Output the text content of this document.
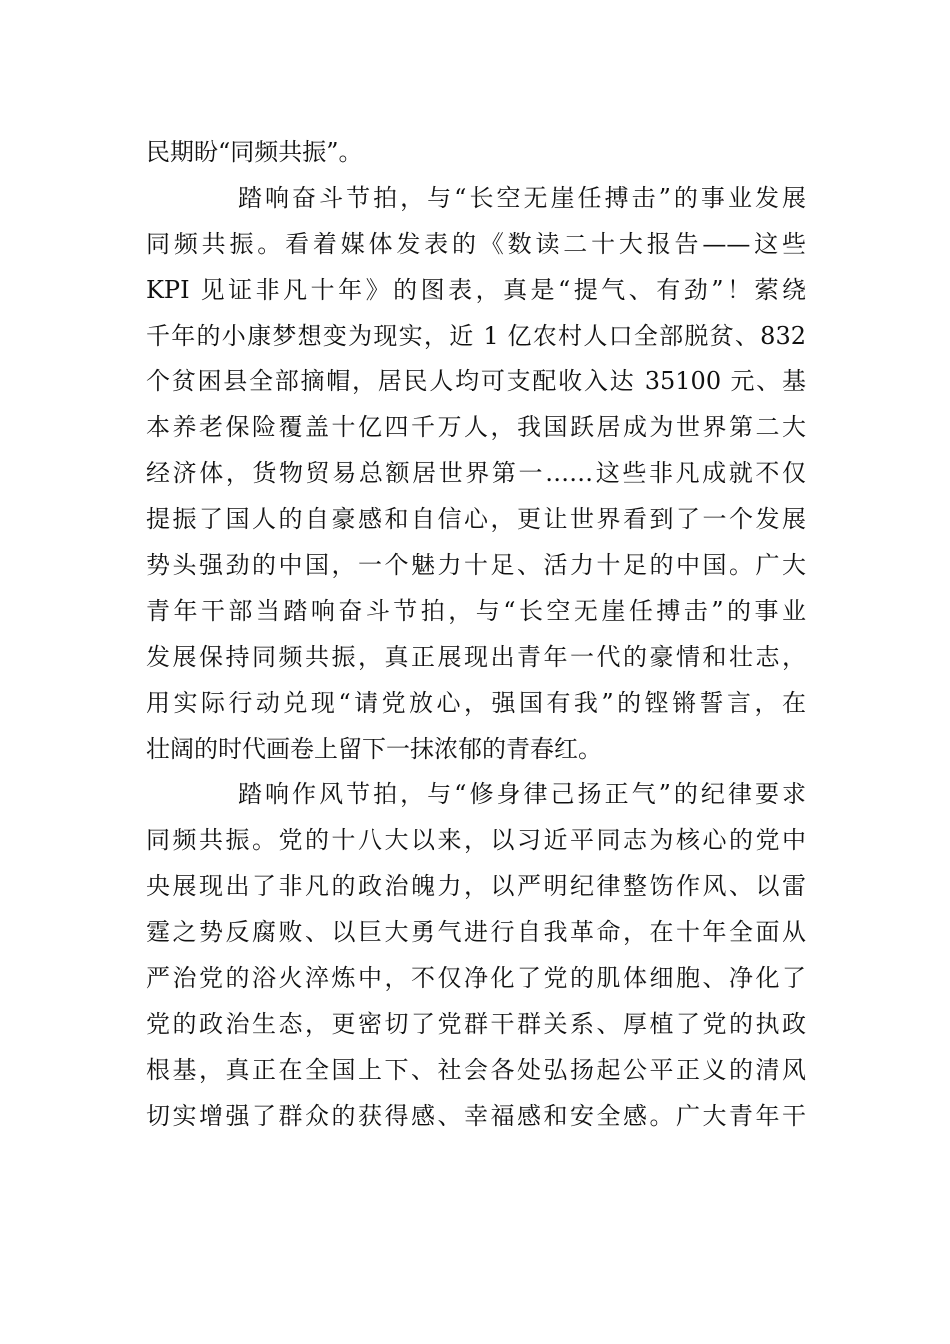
民期盼“同频共振”。
踏响奋斗节拍，与“长空无崖任搏击”的事业发展
同频共振。看着媒体发表的《数读二十大报告——这些
KPI 见证非凡十年》的图表，真是“提气、有劲”！萦绕
千年的小康梦想变为现实，近 1 亿农村人口全部脱贫、832
个贫困县全部摘帽，居民人均可支配收入达 35100 元、基
本养老保险覆盖十亿四千万人，我国跃居成为世界第二大
经济体，货物贸易总额居世界第一……这些非凡成就不仅
提振了国人的自豪感和自信心，更让世界看到了一个发展
势头强劲的中国，一个魅力十足、活力十足的中国。广大
青年干部当踏响奋斗节拍，与“长空无崖任搏击”的事业
发展保持同频共振，真正展现出青年一代的豪情和壮志，
用实际行动兑现“请党放心，强国有我”的铿锵誓言，在
壮阔的时代画卷上留下一抹浓郁的青春红。
踏响作风节拍，与“修身律己扬正气”的纪律要求
同频共振。党的十八大以来，以习近平同志为核心的党中
央展现出了非凡的政治魄力，以严明纪律整饬作风、以雷
霆之势反腐败、以巨大勇气进行自我革命，在十年全面从
严治党的浴火淬炼中，不仅净化了党的肌体细胞、净化了
党的政治生态，更密切了党群干群关系、厚植了党的执政
根基，真正在全国上下、社会各处弘扬起公平正义的清风
切实增强了群众的获得感、幸福感和安全感。广大青年干
